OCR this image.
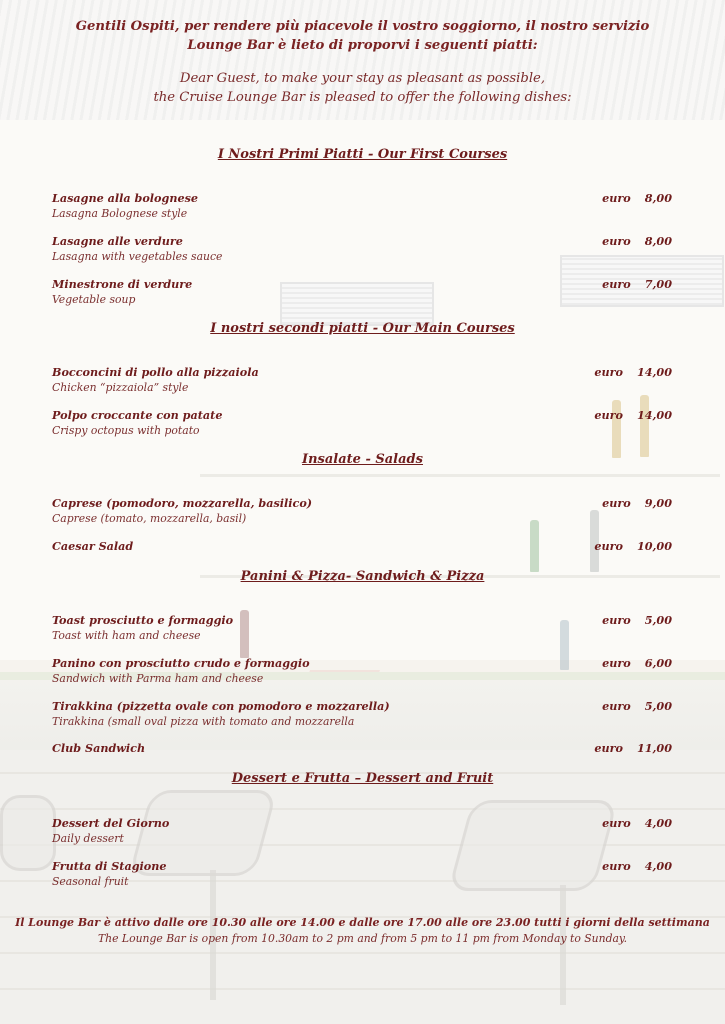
Gentili Ospiti, per rendere più piacevole il vostro soggiorno, il nostro servizio
Lounge Bar è lieto di proporvi i seguenti piatti:
Dear Guest, to make your stay as pleasant as possible,
the Cruise Lounge Bar is pleased to offer the following dishes:
I Nostri Primi Piatti - Our First Courses
Lasagne alla bolognese
Lasagna Bolognese style
euro 8,00
Lasagne alle verdure
Lasagna with vegetables sauce
euro 8,00
Minestrone di verdure
Vegetable soup
euro 7,00
I nostri secondi piatti - Our Main Courses
Bocconcini di pollo alla pizzaiola
Chicken “pizzaiola” style
euro 14,00
Polpo croccante con patate
Crispy octopus with potato
euro 14,00
Insalate - Salads
Caprese (pomodoro, mozzarella, basilico)
Caprese (tomato, mozzarella, basil)
euro 9,00
Caesar Salad	euro 10,00
Panini & Pizza- Sandwich & Pizza
Toast prosciutto e formaggio
Toast with ham and cheese
euro 5,00
Panino con prosciutto crudo e formaggio
Sandwich with Parma ham and cheese
euro 6,00
Tirakkina (pizzetta ovale con pomodoro e mozzarella)
Tirakkina (small oval pizza with tomato and mozzarella
euro 5,00
Club Sandwich	euro 11,00
Dessert e Frutta – Dessert and Fruit
Dessert del Giorno
Daily dessert
euro 4,00
Frutta di Stagione
Seasonal fruit
euro 4,00
Il Lounge Bar è attivo dalle ore 10.30 alle ore 14.00 e dalle ore 17.00 alle ore 23.00 tutti i giorni della settimana
The Lounge Bar is open from 10.30am to 2 pm and from 5 pm to 11 pm from Monday to Sunday.
